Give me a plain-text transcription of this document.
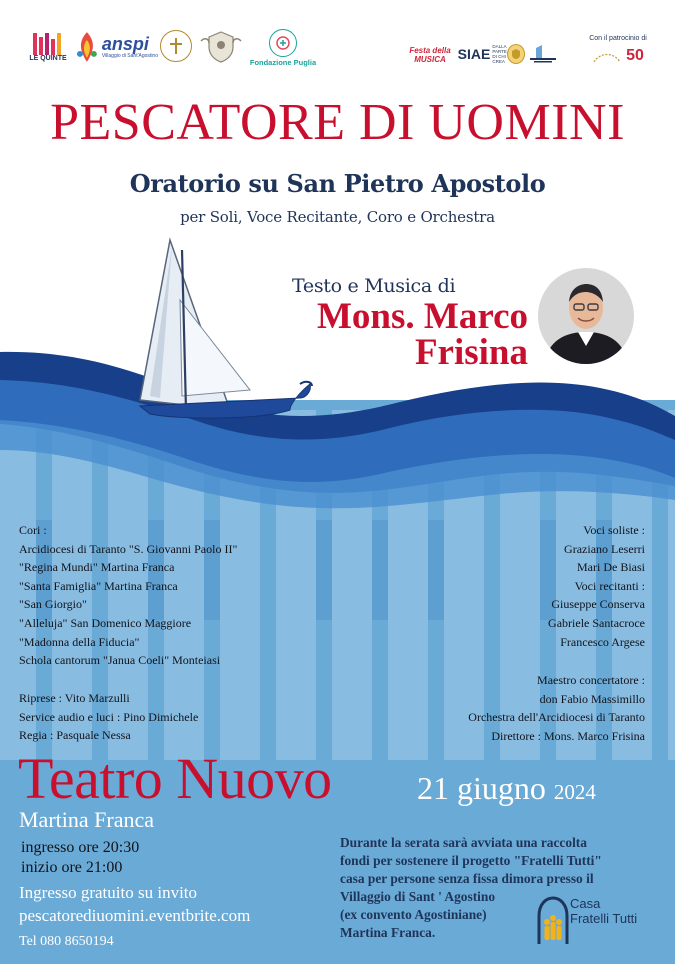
LE QUINTE
anspi
Villaggio di Sant'Agostino
Fondazione Puglia
Festa della MUSICA SIAE DALLA PARTE DI CHI CREA
Con il patrocinio di
50
PESCATORE DI UOMINI
Oratorio su San Pietro Apostolo
per Soli, Voce Recitante, Coro e Orchestra
Testo e Musica di
Mons. Marco
Frisina
Cori :
Arcidiocesi di Taranto "S. Giovanni Paolo II"
"Regina Mundi" Martina Franca
"Santa Famiglia" Martina Franca
"San Giorgio"
"Alleluja" San Domenico Maggiore
"Madonna della Fiducia"
Schola cantorum "Janua Coeli" Monteiasi
Riprese : Vito Marzulli
Service audio e luci : Pino Dimichele
Regia : Pasquale Nessa
Voci soliste :
Graziano Leserri
Mari De Biasi
Voci recitanti :
Giuseppe Conserva
Gabriele Santacroce
Francesco Argese
Maestro concertatore :
don Fabio Massimillo
Orchestra dell'Arcidiocesi di Taranto
Direttore : Mons. Marco Frisina
Teatro Nuovo	21 giugno 2024
Martina Franca
ingresso ore 20:30
inizio ore 21:00
Ingresso gratuito su invito
pescatorediuomini.eventbrite.com
Tel 080 8650194
Durante la serata sarà avviata una raccolta
fondi per sostenere il progetto "Fratelli Tutti"
casa per persone senza fissa dimora presso il
Villaggio di Sant ' Agostino
(ex convento Agostiniane)
Martina Franca.
Casa
Fratelli Tutti
